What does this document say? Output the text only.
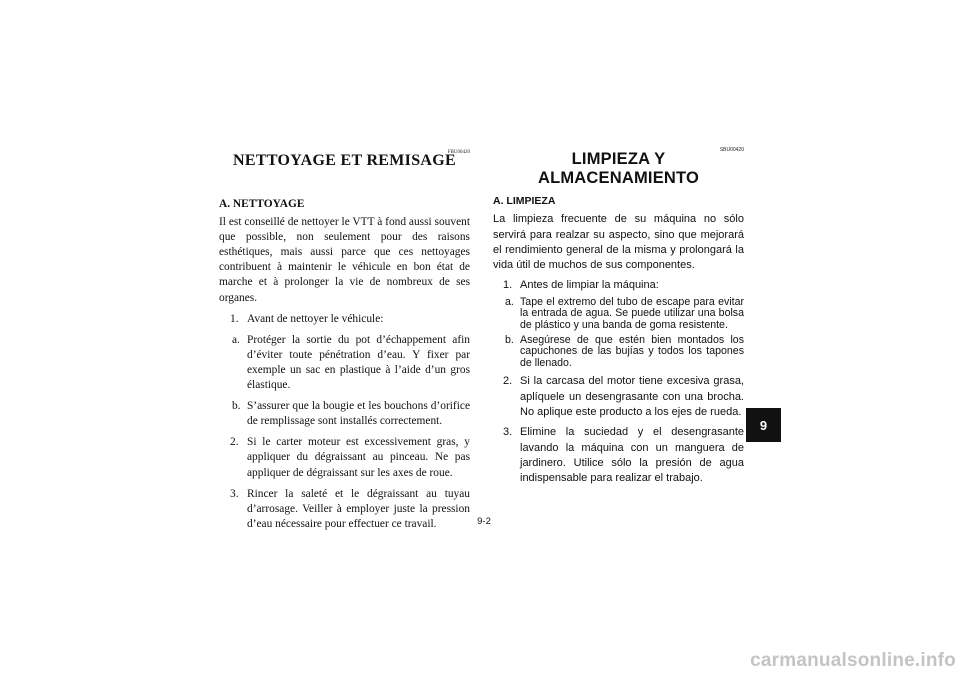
FBU00420
NETTOYAGE ET REMISAGE
A. NETTOYAGE

Il est conseillé de nettoyer le VTT à fond aussi souvent que possible, non seulement pour des raisons esthétiques, mais aussi parce que ces nettoyages contribuent à maintenir le véhicule en bon état de marche et à prolonger la vie de nombreux de ses organes.

1. Avant de nettoyer le véhicule:
a. Protéger la sortie du pot d’échappement afin d’éviter toute pénétration d’eau. Y fixer par exemple un sac en plastique à l’aide d’un gros élastique.
b. S’assurer que la bougie et les bouchons d’orifice de remplissage sont installés correctement.
2. Si le carter moteur est excessivement gras, y appliquer du dégraissant au pinceau. Ne pas appliquer de dégraissant sur les axes de roue.
3. Rincer la saleté et le dégraissant au tuyau d’arrosage. Veiller à employer juste la pression d’eau nécessaire pour effectuer ce travail.
SBU00420
LIMPIEZA Y ALMACENAMIENTO
A. LIMPIEZA

La limpieza frecuente de su máquina no sólo servirá para realzar su aspecto, sino que mejorará el rendimiento general de la misma y prolongará la vida útil de muchos de sus componentes.

1. Antes de limpiar la máquina:
a. Tape el extremo del tubo de escape para evitar la entrada de agua. Se puede utilizar una bolsa de plástico y una banda de goma resistente.
b. Asegúrese de que estén bien montados los capuchones de las bujías y todos los tapones de llenado.
2. Si la carcasa del motor tiene excesiva grasa, aplíquele un desengrasante con una brocha. No aplique este producto a los ejes de rueda.
3. Elimine la suciedad y el desengrasante lavando la máquina con un manguera de jardinero. Utilice sólo la presión de agua indispensable para realizar el trabajo.
9-2
9
carmanualsonline.info
